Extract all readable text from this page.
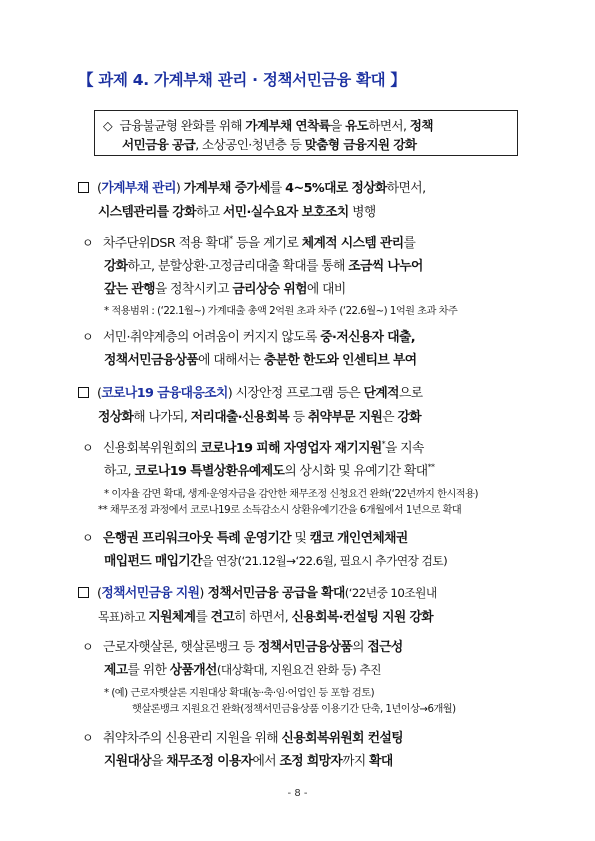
【 과제 4. 가계부채 관리 · 정책서민금융 확대 】
◇ 금융불균형 완화를 위해 가계부채 연착륙을 유도하면서, 정책
서민금융 공급, 소상공인·청년층 등 맞춤형 금융지원 강화
(가계부채 관리) 가계부채 증가세를 4~5%대로 정상화하면서,
시스템관리를 강화하고 서민·실수요자 보호조치 병행
ㅇ 차주단위DSR 적용 확대* 등을 계기로 체계적 시스템 관리를
강화하고, 분할상환·고정금리대출 확대를 통해 조금씩 나누어
갚는 관행을 정착시키고 금리상승 위험에 대비
* 적용범위 : (‘22.1월~) 가계대출 총액 2억원 초과 차주 (‘22.6월~) 1억원 초과 차주
ㅇ 서민·취약계층의 어려움이 커지지 않도록 중·저신용자 대출,
정책서민금융상품에 대해서는 충분한 한도와 인센티브 부여
(코로나19 금융대응조치) 시장안정 프로그램 등은 단계적으로
정상화해 나가되, 저리대출·신용회복 등 취약부문 지원은 강화
ㅇ 신용회복위원회의 코로나19 피해 자영업자 재기지원*을 지속
하고, 코로나19 특별상환유예제도의 상시화 및 유예기간 확대**
* 이자율 감면 확대, 생계·운영자금을 감안한 채무조정 신청요건 완화(‘22년까지 한시적용)
** 채무조정 과정에서 코로나19로 소득감소시 상환유예기간을 6개월에서 1년으로 확대
ㅇ 은행권 프리워크아웃 특례 운영기간 및 캠코 개인연체채권
매입펀드 매입기간을 연장(‘21.12월→‘22.6월, 필요시 추가연장 검토)
(정책서민금융 지원) 정책서민금융 공급을 확대(‘22년중 10조원내
목표)하고 지원체계를 견고히 하면서, 신용회복·컨설팅 지원 강화
ㅇ 근로자햇살론, 햇살론뱅크 등 정책서민금융상품의 접근성
제고를 위한 상품개선(대상확대, 지원요건 완화 등) 추진
* (예) 근로자햇살론 지원대상 확대(농·축·임·어업인 등 포함 검토)
햇살론뱅크 지원요건 완화(정책서민금융상품 이용기간 단축, 1년이상→6개월)
ㅇ 취약차주의 신용관리 지원을 위해 신용회복위원회 컨설팅
지원대상을 채무조정 이용자에서 조정 희망자까지 확대
- 8 -
